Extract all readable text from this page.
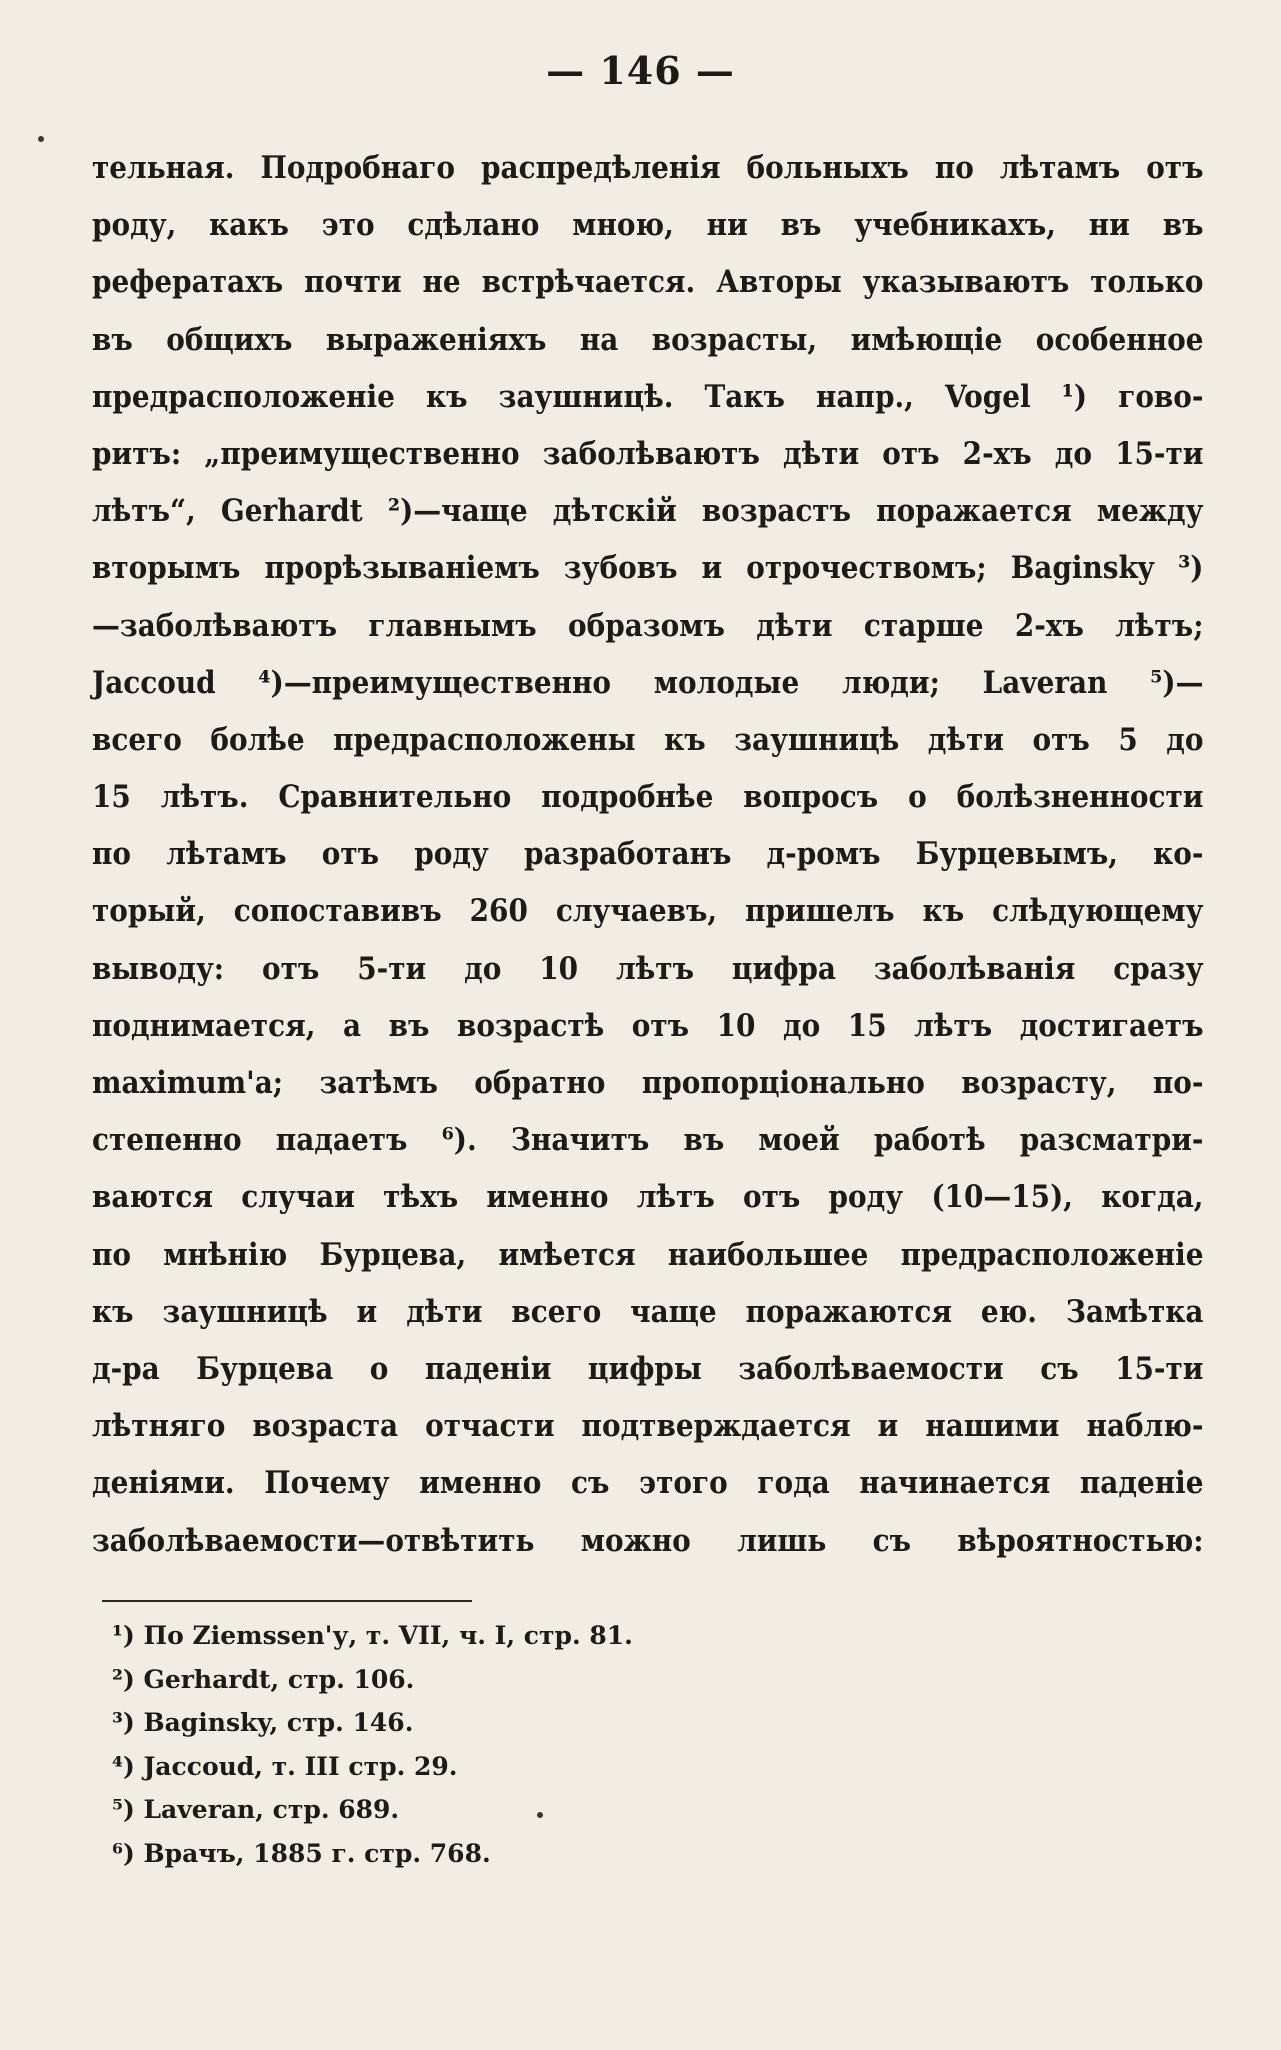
— 146 —
тельная. Подробнаго распредѣленія больныхъ по лѣтамъ отъ
роду, какъ это сдѣлано мною, ни въ учебникахъ, ни въ
рефератахъ почти не встрѣчается. Авторы указываютъ только
въ общихъ выраженіяхъ на возрасты, имѣющіе особенное
предрасположеніе къ заушницѣ. Такъ напр., Vogel ¹) гово-
ритъ: „преимущественно заболѣваютъ дѣти отъ 2-хъ до 15-ти
лѣтъ“, Gerhardt ²)—чаще дѣтскій возрастъ поражается между
вторымъ прорѣзываніемъ зубовъ и отрочествомъ; Baginsky ³)
—заболѣваютъ главнымъ образомъ дѣти старше 2-хъ лѣтъ;
Jaccoud ⁴)—преимущественно молодые люди; Laveran ⁵)—
всего болѣе предрасположены къ заушницѣ дѣти отъ 5 до
15 лѣтъ. Сравнительно подробнѣе вопросъ о болѣзненности
по лѣтамъ отъ роду разработанъ д-ромъ Бурцевымъ, ко-
торый, сопоставивъ 260 случаевъ, пришелъ къ слѣдующему
выводу: отъ 5-ти до 10 лѣтъ цифра заболѣванія сразу
поднимается, а въ возрастѣ отъ 10 до 15 лѣтъ достигаетъ
maximum'a; затѣмъ обратно пропорціонально возрасту, по-
степенно падаетъ ⁶). Значитъ въ моей работѣ разсматри-
ваются случаи тѣхъ именно лѣтъ отъ роду (10—15), когда,
по мнѣнію Бурцева, имѣется наибольшее предрасположеніе
къ заушницѣ и дѣти всего чаще поражаются ею. Замѣтка
д-ра Бурцева о паденіи цифры заболѣваемости съ 15-ти
лѣтняго возраста отчасти подтверждается и нашими наблю-
деніями. Почему именно съ этого года начинается паденіе
заболѣваемости—отвѣтить можно лишь съ вѣроятностью:
¹) По Ziemssen'у, т. VII, ч. I, стр. 81.
²) Gerhardt, стр. 106.
³) Baginsky, стр. 146.
⁴) Jaccoud, т. III стр. 29.
⁵) Laveran, стр. 689.
⁶) Врачъ, 1885 г. стр. 768.
